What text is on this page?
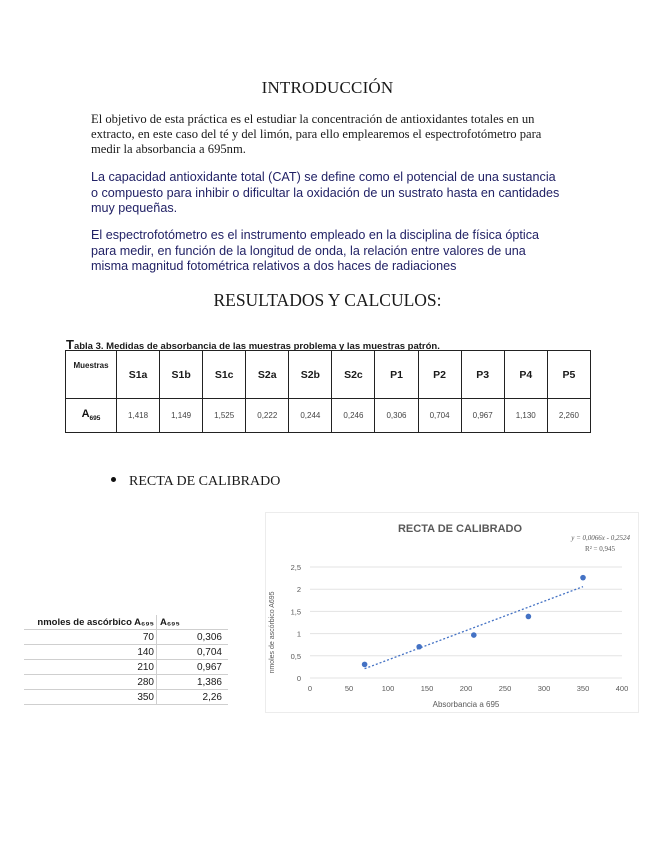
INTRODUCCIÓN
El objetivo de esta práctica es el estudiar la concentración de antioxidantes totales en un extracto, en este caso del té y del limón, para ello emplearemos el espectrofotómetro para medir la absorbancia a 695nm.
La capacidad antioxidante total (CAT) se define como el potencial de una sustancia o compuesto para inhibir o dificultar la oxidación de un sustrato hasta en cantidades muy pequeñas.
El espectrofotómetro es el instrumento empleado en la disciplina de física óptica para medir, en función de la longitud de onda, la relación entre valores de una misma magnitud fotométrica relativos a dos haces de radiaciones
RESULTADOS Y CALCULOS:
Tabla 3. Medidas de absorbancia de las muestras problema y las muestras patrón.
Muestras	S1a	S1b	S1c	S2a	S2b	S2c	P1	P2	P3	P4	P5
$A_{695}$	1,418	1,149	1,525	0,222	0,244	0,246	0,306	0,704	0,967	1,130	2,260
RECTA DE CALIBRADO
nmoles de ascórbico A₆₉₅	A₆₉₅
70	0,306
140	0,704
210	0,967
280	1,386
350	2,26
RECTA DE CALIBRADO
0
0,5
1
1,5
2
2,5
0	50	100	150	200	250	300	350	400
Absorbancia a 695
nmoles de ascórbico A695
y = 0,0066x - 0,2524
R² = 0,945
